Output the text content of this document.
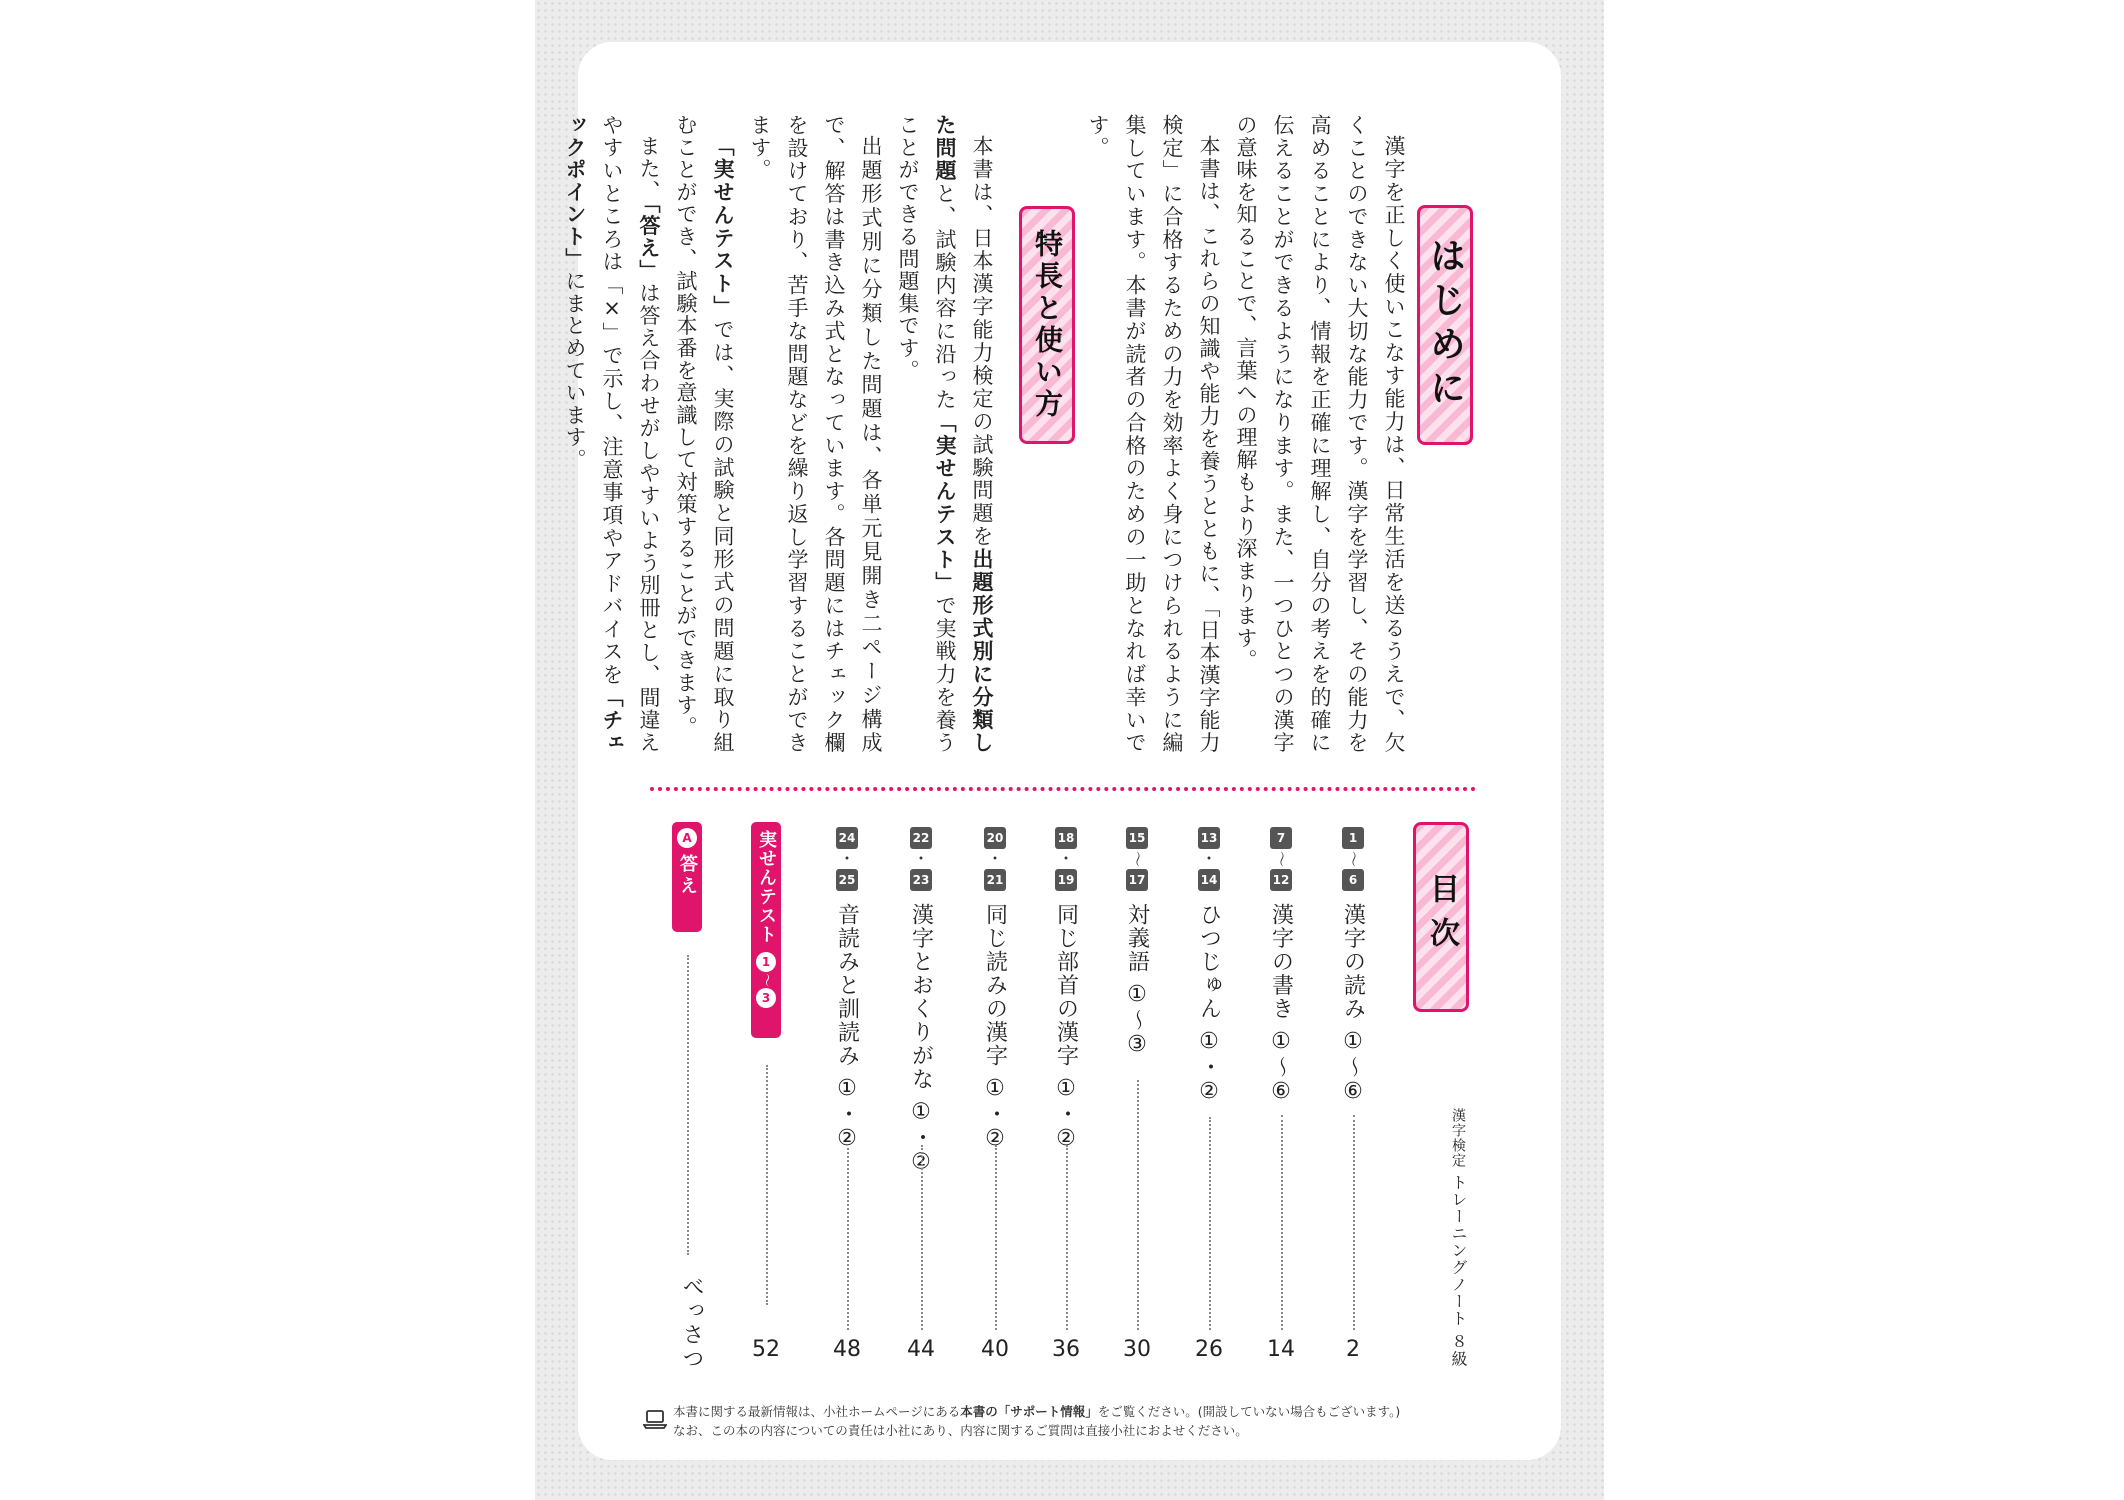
はじめに
漢字を正しく使いこなす能力は、日常生活を送るうえで、欠くことのできない大切な能力です。漢字を学習し、その能力を高めることにより、情報を正確に理解し、自分の考えを的確に伝えることができるようになります。また、一つひとつの漢字の意味を知ることで、言葉への理解もより深まります。
本書は、これらの知識や能力を養うとともに、「日本漢字能力検定」に合格するための力を効率よく身につけられるように編集しています。本書が読者の合格のための一助となれば幸いです。
特長と使い方
本書は、日本漢字能力検定の試験問題を出題形式別に分類した問題と、試験内容に沿った「実せんテスト」で実戦力を養うことができる問題集です。
出題形式別に分類した問題は、各単元見開き二ページ構成で、解答は書き込み式となっています。各問題にはチェック欄を設けており、苦手な問題などを繰り返し学習することができます。
「実せんテスト」では、実際の試験と同形式の問題に取り組むことができ、試験本番を意識して対策することができます。
また、「答え」は答え合わせがしやすいよう別冊とし、間違えやすいところは「×」で示し、注意事項やアドバイスを「チェックポイント」にまとめています。
目次
漢字検定 トレーニングノート ８級
1
〜
6
漢字の読み ①〜⑥
2
7
〜
12
漢字の書き ①〜⑥
14
13
・
14
ひつじゅん ①・②
26
15
〜
17
対義語 ①〜③
30
18
・
19
同じ部首の漢字 ①・②
36
20
・
21
同じ読みの漢字 ①・②
40
22
・
23
漢字とおくりがな ①・②
44
24
・
25
音読みと訓読み ①・②
48
実せんテスト
1
〜
3
52
A
答え
べっさつ
本書に関する最新情報は、小社ホームページにある本書の「サポート情報」をご覧ください。(開設していない場合もございます。)
なお、この本の内容についての責任は小社にあり、内容に関するご質問は直接小社におよせください。
